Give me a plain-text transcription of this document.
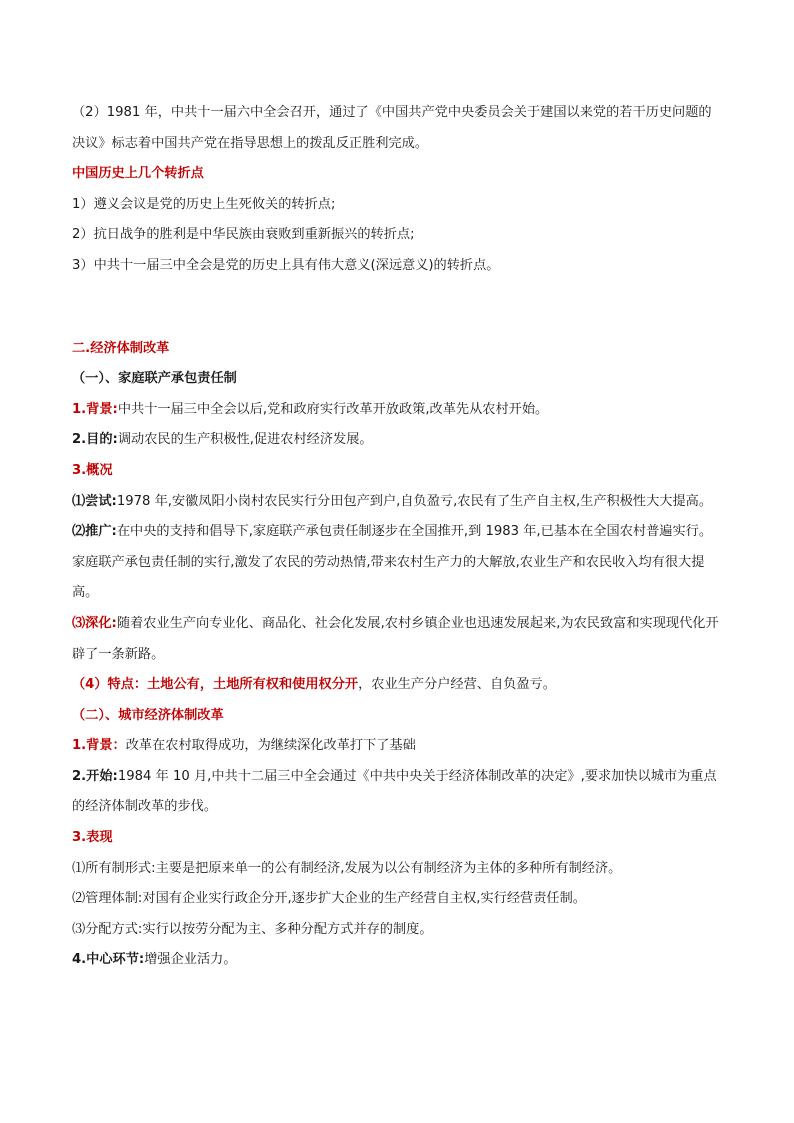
（2）1981 年，中共十一届六中全会召开，通过了《中国共产党中央委员会关于建国以来党的若干历史问题的决议》标志着中国共产党在指导思想上的拨乱反正胜利完成。

中国历史上几个转折点

1）遵义会议是党的历史上生死攸关的转折点;

2）抗日战争的胜利是中华民族由衰败到重新振兴的转折点;

3）中共十一届三中全会是党的历史上具有伟大意义(深远意义)的转折点。

二.经济体制改革

（一）、家庭联产承包责任制

1.背景:中共十一届三中全会以后,党和政府实行改革开放政策,改革先从农村开始。

2.目的:调动农民的生产积极性,促进农村经济发展。

3.概况

⑴尝试:1978 年,安徽凤阳小岗村农民实行分田包产到户,自负盈亏,农民有了生产自主权,生产积极性大大提高。

⑵推广:在中央的支持和倡导下,家庭联产承包责任制逐步在全国推开,到 1983 年,已基本在全国农村普遍实行。家庭联产承包责任制的实行,激发了农民的劳动热情,带来农村生产力的大解放,农业生产和农民收入均有很大提高。

⑶深化:随着农业生产向专业化、商品化、社会化发展,农村乡镇企业也迅速发展起来,为农民致富和实现现代化开辟了一条新路。

（4）特点：土地公有，土地所有权和使用权分开，农业生产分户经营、自负盈亏。

（二）、城市经济体制改革

1.背景：改革在农村取得成功，为继续深化改革打下了基础

2.开始:1984 年 10 月,中共十二届三中全会通过《中共中央关于经济体制改革的决定》,要求加快以城市为重点的经济体制改革的步伐。

3.表现

⑴所有制形式:主要是把原来单一的公有制经济,发展为以公有制经济为主体的多种所有制经济。

⑵管理体制:对国有企业实行政企分开,逐步扩大企业的生产经营自主权,实行经营责任制。

⑶分配方式:实行以按劳分配为主、多种分配方式并存的制度。

4.中心环节:增强企业活力。
